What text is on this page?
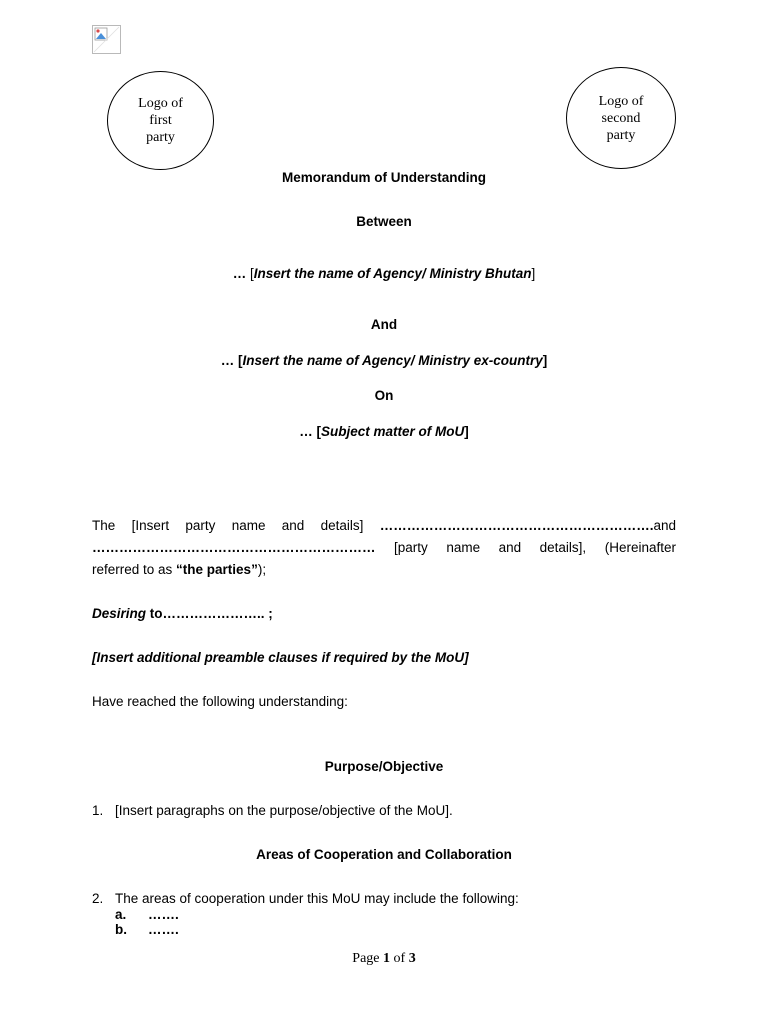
Logo of
first
party
Logo of
second
party
Memorandum of Understanding
Between
… [Insert the name of Agency/ Ministry Bhutan]
And
… [Insert the name of Agency/ Ministry ex-country]
On
… [Subject matter of MoU]
The [Insert party name and details] …………………………………………………….and
……………………………………………………… [party name and details], (Hereinafter
referred to as “the parties”);
Desiring to………………….. ;
[Insert additional preamble clauses if required by the MoU]
Have reached the following understanding:
Purpose/Objective
1. [Insert paragraphs on the purpose/objective of the MoU].
Areas of Cooperation and Collaboration
2. The areas of cooperation under this MoU may include the following:
a. …….
b. …….
Page 1 of 3
